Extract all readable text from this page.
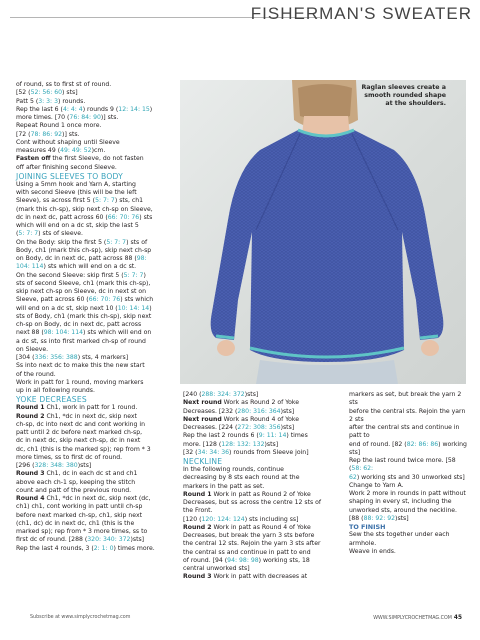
FISHERMAN'S SWEATER

of round, ss to first st of round.

[52 (52: 56: 60) sts]

Patt 5 (3: 3: 3) rounds.

Rep the last 6 (4: 4: 4) rounds 9 (12: 14: 15)

more times. [70 (76: 84: 90)] sts.

Repeat Round 1 once more.

[72 (78: 86: 92)] sts.

Cont without shaping until Sleeve

measures 49 (49: 49: 52)cm.

Fasten off the first Sleeve, do not fasten

off after finishing second Sleeve.

JOINING SLEEVES TO BODY

Using a 5mm hook and Yarn A, starting

with second Sleeve (this will be the left

Sleeve), ss across first 5 (5: 7: 7) sts, ch1

(mark this ch-sp), skip next ch-sp on Sleeve,

dc in next dc, patt across 60 (66: 70: 76) sts

which will end on a dc st, skip the last 5

(5: 7: 7) sts of sleeve.

On the Body: skip the first 5 (5: 7: 7) sts of

Body, ch1 (mark this ch-sp), skip next ch-sp

on Body, dc in next dc, patt across 88 (98:

104: 114) sts which will end on a dc st.

On the second Sleeve: skip first 5 (5: 7: 7)

sts of second Sleeve, ch1 (mark this ch-sp),

skip next ch-sp on Sleeve, dc in next st on

Sleeve, patt across 60 (66: 70: 76) sts which

will end on a dc st, skip next 10 (10: 14: 14)

sts of Body, ch1 (mark this ch-sp), skip next

ch-sp on Body, dc in next dc, patt across

next 88 (98: 104: 114) sts which will end on

a dc st, ss into first marked ch-sp of round

on Sleeve.

[304 (336: 356: 388) sts, 4 markers]

Ss into next dc to make this the new start

of the round.

Work in patt for 1 round, moving markers

up in all following rounds.

YOKE DECREASES

Round 1 Ch1, work in patt for 1 round.

Round 2 Ch1, *dc in next dc, skip next

ch-sp, dc into next dc and cont working in

patt until 2 dc before next marked ch-sp,

dc in next dc, skip next ch-sp, dc in next

dc, ch1 (this is the marked sp); rep from * 3

more times, ss to first dc of round.

[296 (328: 348: 380)sts]

Round 3 Ch1, dc in each dc st and ch1

above each ch-1 sp, keeping the stitch

count and patt of the previous round.

Round 4 Ch1, *dc in next dc, skip next (dc,

ch1) ch1, cont working in patt until ch-sp

before next marked ch-sp, ch1, skip next

(ch1, dc) dc in next dc, ch1 (this is the

marked sp); rep from * 3 more times, ss to

first dc of round. [288 (320: 340: 372)sts]

Rep the last 4 rounds, 3 (2: 1: 0) times more.

Raglan sleeves create a
smooth rounded shape
at the shoulders.

[240 (288: 324: 372)sts]

Next round Work as Round 2 of Yoke

Decreases. [232 (280: 316: 364)sts]

Next round Work as Round 4 of Yoke

Decreases. [224 (272: 308: 356)sts]

Rep the last 2 rounds 6 (9: 11: 14) times

more. [128 (128: 132: 132)sts]

[32 (34: 34: 36) rounds from Sleeve join]

NECKLINE

In the following rounds, continue

decreasing by 8 sts each round at the

markers in the patt as set.

Round 1 Work in patt as Round 2 of Yoke

Decreases, but ss across the centre 12 sts of

the Front.

[120 (120: 124: 124) sts including ss]

Round 2 Work in patt as Round 4 of Yoke

Decreases, but break the yarn 3 sts before

the central 12 sts. Rejoin the yarn 3 sts after

the central ss and continue in patt to end

of round. [94 (94: 98: 98) working sts, 18

central unworked sts]

Round 3 Work in patt with decreases at

markers as set, but break the yarn 2 sts

before the central sts. Rejoin the yarn 2 sts

after the central sts and continue in patt to

end of round. [82 (82: 86: 86) working sts]

Rep the last round twice more. [58 (58: 62:

62) working sts and 30 unworked sts]

Change to Yarn A.

Work 2 more in rounds in patt without

shaping in every st, including the

unworked sts, around the neckline.

[88 (88: 92: 92)sts]

TO FINISH

Sew the sts together under each armhole.

Weave in ends.

Subscribe at www.simplycrochetmag.com	WWW.SIMPLYCROCHETMAG.COM 45
